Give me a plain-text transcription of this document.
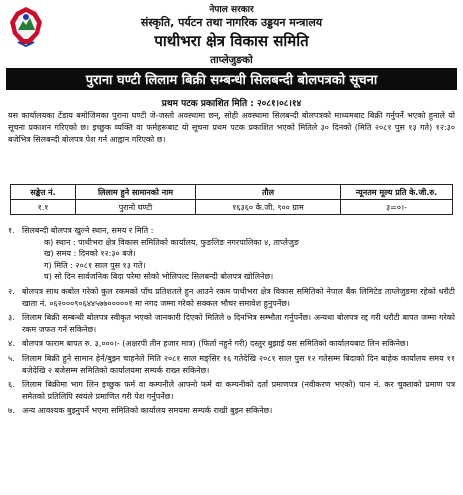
नेपाल सरकार
संस्कृति, पर्यटन तथा नागरिक उड्डयन मन्त्रालय
पाथीभरा क्षेत्र विकास समिति
ताप्लेजुङको
पुराना घण्टी लिलाम बिक्री सम्बन्धी सिलबन्दी बोलपत्रको सूचना
प्रथम पटक प्रकाशित मिति : २०८१।०८।१४
यस कार्यालयका टेंडाय बमोजिमका पुराना घण्टी जे-जस्तो अवस्थामा छन्, सोही अवस्थामा सिलबन्दी बोलपत्रको माध्यमबाट बिक्री गर्नुपर्ने भएकाे हुनाले यो सूचना प्रकाशन गरिएको छ। इच्छुक व्यक्ति वा फर्महरूबाट यो सूचना प्रथम पटक प्रकाशित भएको मितिले ३० दिनको (मिति २०८१ पुस १३ गते) १२:३० बजेभित्र सिलबन्दी बोलपत्र पेश गर्न आह्वान गरिएको छ।
सङ्केत नं.	लिलाम हुने सामानको नाम	तौल	न्यूनतम मूल्य प्रति के.जी.रु.
१.१	पुरानो घण्टी	१६३६० के.जी. ९०० ग्राम	३=०।-
१. सिलबन्दी बोलपत्र खुल्ने स्थान, समय र मिति :
क) स्थान : पाथीभरा क्षेत्र विकास समितिको कार्यालय, फुङलिङ नगरपालिका ४, ताप्लेजुङ
ख) समय : दिनको १२:३० बजे।
ग) मिति : २०८१ साल पुस १३ गते।
घ) सो दिन सार्वजनिक बिदा परेमा सोको भोलिपल्ट सिलबन्दी बोलपत्र खोलिनेछ।
२. बोलपत्र साथ कबोल गरेको कुल रकमको पाँच प्रतिशतले हुन आउने रकम पाथीभरा क्षेत्र विकास समितिको नेपाल बैंक लिमिटेड ताप्लेजुङमा रहेको धरौटी खाता नं. ०६२०००९०६४४५७७०००००१ मा नगद जम्मा गरेको सक्कल भौचर समावेश हुनुपर्नेछ।
३. लिलाम बिक्री सम्बन्धी बोलपत्र स्वीकृत भएको जानकारी दिएको मितिले ७ दिनभित्र सम्भौता गर्नुपर्नेछ। अन्यथा बोलपत्र रद्द गरी धरौटी बापत जम्मा गरेको रकम जफत गर्न सकिनेछ।
४. बोलपत्र फाराम बापत रु. ३,०००।- (अक्षरपी तीन हजार मात्र) (फिर्ता नहुने गरी) दस्तुर बुझाई यस समितिको कार्यालयबाट लिन सकिनेछ।
५. लिलाम बिक्री हुने सामान हेर्न/बुझ्न चाहनेले मिति २०८१ साल मङ्सिर १६ गतेदेखि २०८१ साल पुस १२ गतेसम्म बिदाको दिन बाहेक कार्यालय समय ११ बजेदेखि २ बजेसम्म समितिको कार्यालयमा सम्पर्क राख्न सकिनेछ।
६. लिलाम बिक्रीमा भाग लिन इच्छुक फर्म वा कम्पनीले आफ्नो फर्म वा कम्पनीको दर्ता प्रमाणपत्र (नवीकरण भएको) पान नं. कर चुक्ताको प्रमाण पत्र समेतको प्रतिलिपि स्वयंले प्रमाणित गरी पेश गर्नुपर्नेछ।
७. अन्य आवश्यक बुझ्नुपर्ने भएमा समितिको कार्यालय समयमा सम्पर्क राखी बुझ्न सकिनेछ।
